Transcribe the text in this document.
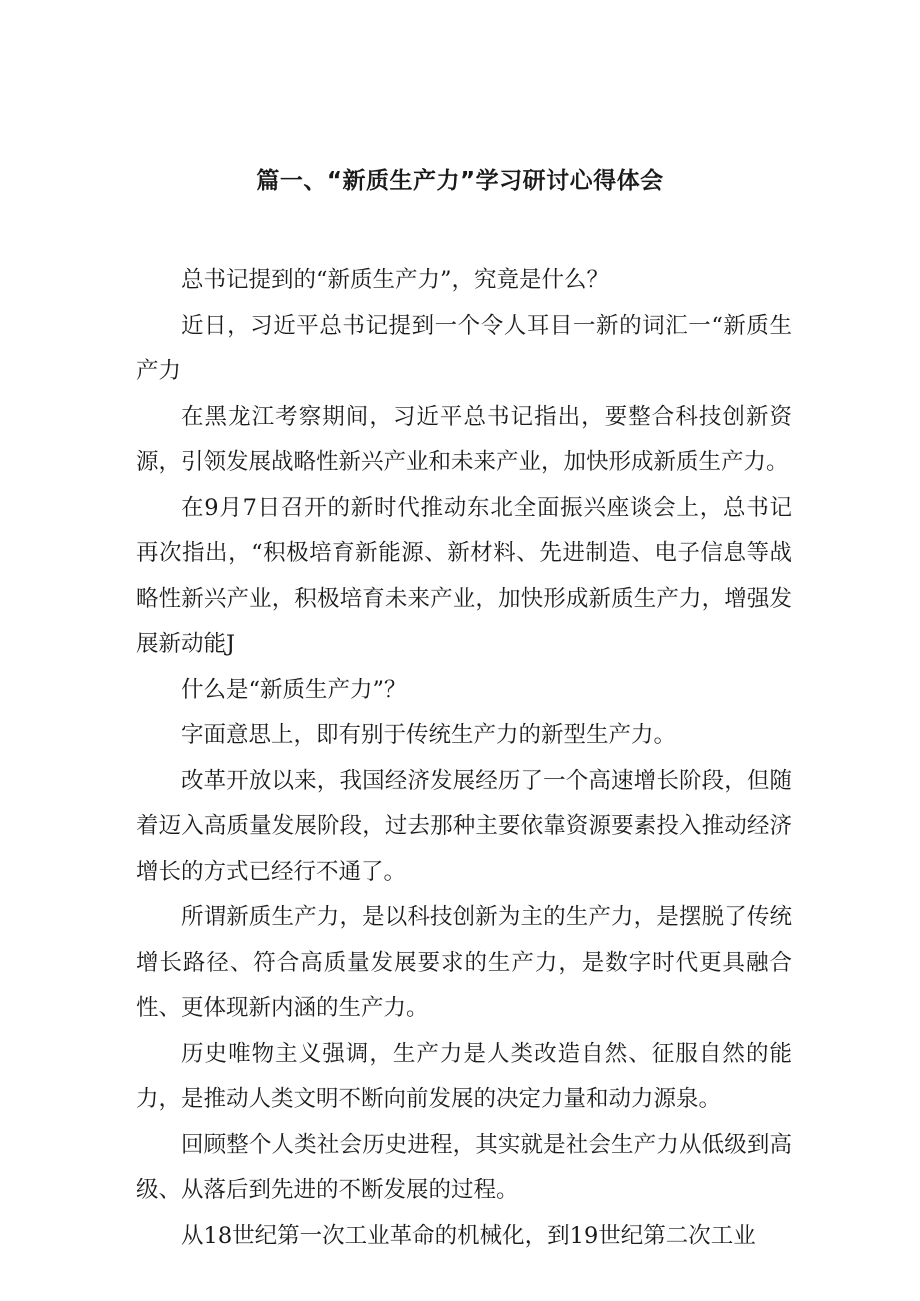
篇一、“新质生产力”学习研讨心得体会

总书记提到的“新质生产力”，究竟是什么？

近日，习近平总书记提到一个令人耳目一新的词汇一“新质生产力

在黑龙江考察期间，习近平总书记指出，要整合科技创新资源，引领发展战略性新兴产业和未来产业，加快形成新质生产力。

在9月7日召开的新时代推动东北全面振兴座谈会上，总书记再次指出，“积极培育新能源、新材料、先进制造、电子信息等战略性新兴产业，积极培育未来产业，加快形成新质生产力，增强发展新动能J

什么是“新质生产力”？

字面意思上，即有别于传统生产力的新型生产力。

改革开放以来，我国经济发展经历了一个高速增长阶段，但随着迈入高质量发展阶段，过去那种主要依靠资源要素投入推动经济增长的方式已经行不通了。

所谓新质生产力，是以科技创新为主的生产力，是摆脱了传统增长路径、符合高质量发展要求的生产力，是数字时代更具融合性、更体现新内涵的生产力。

历史唯物主义强调，生产力是人类改造自然、征服自然的能力，是推动人类文明不断向前发展的决定力量和动力源泉。

回顾整个人类社会历史进程，其实就是社会生产力从低级到高级、从落后到先进的不断发展的过程。

从18世纪第一次工业革命的机械化，到19世纪第二次工业
